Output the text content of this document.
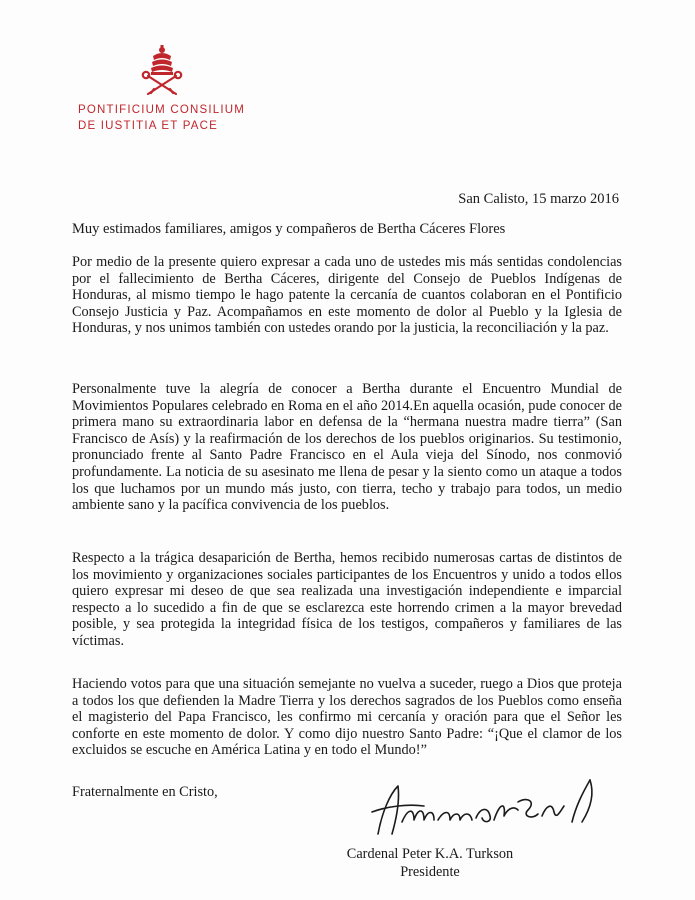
PONTIFICIUM CONSILIUM
DE IUSTITIA ET PACE
San Calisto, 15 marzo 2016
Muy estimados familiares, amigos y compañeros de Bertha Cáceres Flores
Por medio de la presente quiero expresar a cada uno de ustedes mis más sentidas condolencias por el fallecimiento de Bertha Cáceres, dirigente del Consejo de Pueblos Indígenas de Honduras, al mismo tiempo le hago patente la cercanía de cuantos colaboran en el Pontificio Consejo Justicia y Paz. Acompañamos en este momento de dolor al Pueblo y la Iglesia de Honduras, y nos unimos también con ustedes orando por la justicia, la reconciliación y la paz.
Personalmente tuve la alegría de conocer a Bertha durante el Encuentro Mundial de Movimientos Populares celebrado en Roma en el año 2014.En aquella ocasión, pude conocer de primera mano su extraordinaria labor en defensa de la “hermana nuestra madre tierra” (San Francisco de Asís) y la reafirmación de los derechos de los pueblos originarios. Su testimonio, pronunciado frente al Santo Padre Francisco en el Aula vieja del Sínodo, nos conmovió profundamente. La noticia de su asesinato me llena de pesar y la siento como un ataque a todos los que luchamos por un mundo más justo, con tierra, techo y trabajo para todos, un medio ambiente sano y la pacífica convivencia de los pueblos.
Respecto a la trágica desaparición de Bertha, hemos recibido numerosas cartas de distintos de los movimiento y organizaciones sociales participantes de los Encuentros y unido a todos ellos quiero expresar mi deseo de que sea realizada una investigación independiente e imparcial respecto a lo sucedido a fin de que se esclarezca este horrendo crimen a la mayor brevedad posible, y sea protegida la integridad física de los testigos, compañeros y familiares de las víctimas.
Haciendo votos para que una situación semejante no vuelva a suceder, ruego a Dios que proteja a todos los que defienden la Madre Tierra y los derechos sagrados de los Pueblos como enseña el magisterio del Papa Francisco, les confirmo mi cercanía y oración para que el Señor les conforte en este momento de dolor. Y como dijo nuestro Santo Padre: “¡Que el clamor de los excluidos se escuche en América Latina y en todo el Mundo!”
Fraternalmente en Cristo,
Cardenal Peter K.A. Turkson
Presidente
